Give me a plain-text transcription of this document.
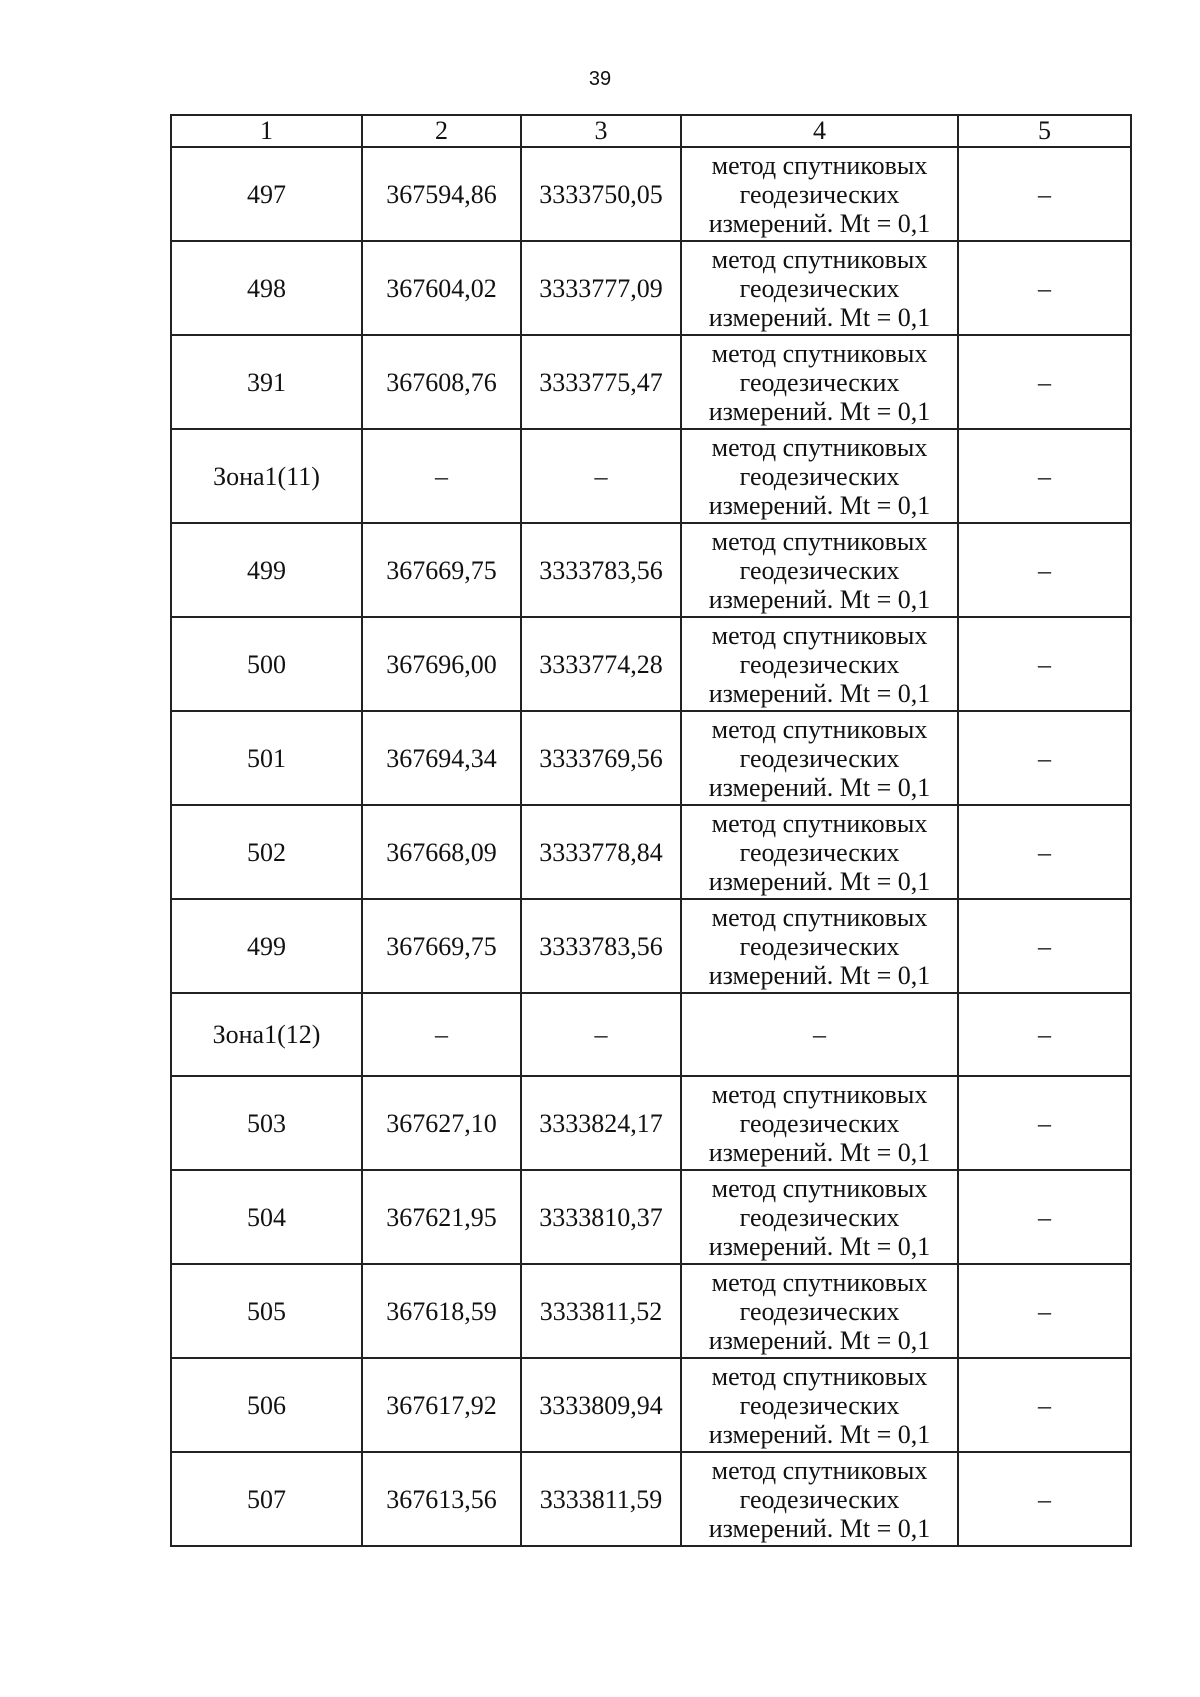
39
1	2	3	4	5
497	367594,86	3333750,05	метод спутниковых геодезических измерений. Mt = 0,1	–
498	367604,02	3333777,09	метод спутниковых геодезических измерений. Mt = 0,1	–
391	367608,76	3333775,47	метод спутниковых геодезических измерений. Mt = 0,1	–
Зона1(11)	–	–	метод спутниковых геодезических измерений. Mt = 0,1	–
499	367669,75	3333783,56	метод спутниковых геодезических измерений. Mt = 0,1	–
500	367696,00	3333774,28	метод спутниковых геодезических измерений. Mt = 0,1	–
501	367694,34	3333769,56	метод спутниковых геодезических измерений. Mt = 0,1	–
502	367668,09	3333778,84	метод спутниковых геодезических измерений. Mt = 0,1	–
499	367669,75	3333783,56	метод спутниковых геодезических измерений. Mt = 0,1	–
Зона1(12)	–	–	–	–
503	367627,10	3333824,17	метод спутниковых геодезических измерений. Mt = 0,1	–
504	367621,95	3333810,37	метод спутниковых геодезических измерений. Mt = 0,1	–
505	367618,59	3333811,52	метод спутниковых геодезических измерений. Mt = 0,1	–
506	367617,92	3333809,94	метод спутниковых геодезических измерений. Mt = 0,1	–
507	367613,56	3333811,59	метод спутниковых геодезических измерений. Mt = 0,1	–
